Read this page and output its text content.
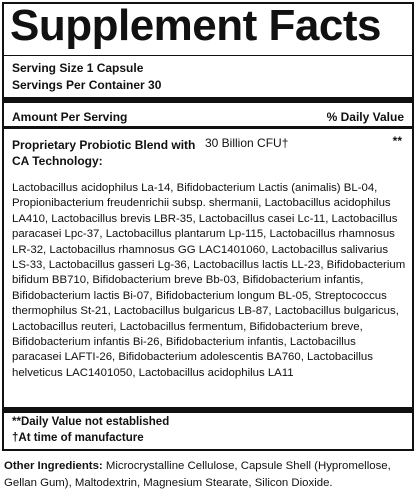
Supplement Facts
Serving Size 1 Capsule
Servings Per Container 30
Amount Per Serving	% Daily Value
Proprietary Probiotic Blend with CA Technology:
30 Billion CFU†	**
Lactobacillus acidophilus La-14, Bifidobacterium Lactis (animalis) BL-04, Propionibacterium freudenrichii subsp. shermanii, Lactobacillus acidophilus LA410, Lactobacillus brevis LBR-35, Lactobacillus casei Lc-11, Lactobacillus paracasei Lpc-37, Lactobacillus plantarum Lp-115, Lactobacillus rhamnosus LR-32, Lactobacillus rhamnosus GG LAC1401060, Lactobacillus salivarius LS-33, Lactobacillus gasseri Lg-36, Lactobacillus lactis LL-23, Bifidobacterium bifidum BB710, Bifidobacterium breve Bb-03, Bifidobacterium infantis, Bifidobacterium lactis Bi-07, Bifidobacterium longum BL-05, Streptococcus thermophilus St-21, Lactobacillus bulgaricus LB-87, Lactobacillus bulgaricus, Lactobacillus reuteri, Lactobacillus fermentum, Bifidobacterium breve, Bifidobacterium infantis Bi-26, Bifidobacterium infantis, Lactobacillus paracasei LAFTI-26, Bifidobacterium adolescentis BA760, Lactobacillus helveticus LAC1401050, Lactobacillus acidophilus LA11
**Daily Value not established
†At time of manufacture
Other Ingredients: Microcrystalline Cellulose, Capsule Shell (Hypromellose, Gellan Gum), Maltodextrin, Magnesium Stearate, Silicon Dioxide.
